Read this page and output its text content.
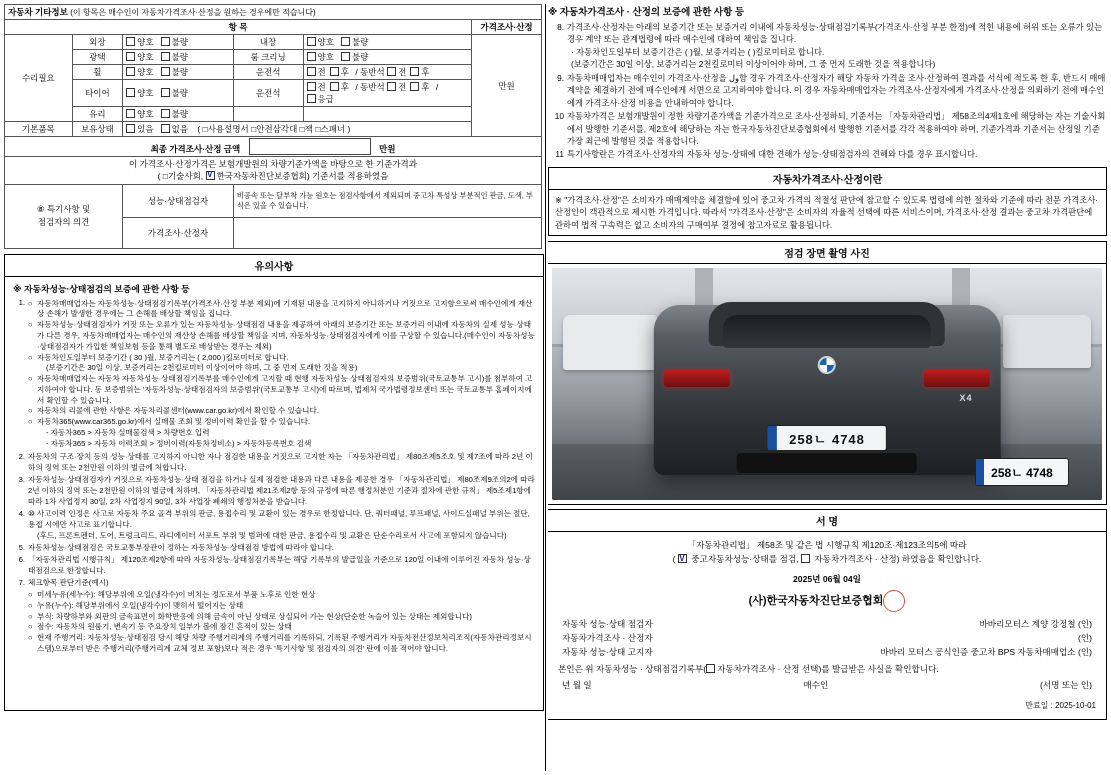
자동차 기타정보 (이 항목은 매수인이 자동차가격조사·산정을 원하는 경우에만 적습니다)					
항 목					가격조사·산정
수리필요	외장	양호 불량	내장	양호 불량	만원
	광택	양호 불량	룸 크리닝	양호 불량	
	휠	양호 불량	운전석	전 후 / 동반석 전 후	
	타이어	양호 불량	운전석	전 후 / 동반석 전 후 / 응급	
	유리	양호 불량			
기본품목	보유상태	있음 없음 ( □사용설명서 □안전삼각대 □잭 □스패너 )			
최종 가격조사·산정 금액 만원					
이 가격조사·산정가격은 보험개발원의 차량기준가액을 바탕으로 한 기준가격과
( □기술사회, V 한국자동차진단보증협회) 기준서를 적용하였음
⑧ 특기사항 및
점검자의 의견		성능·상태점검자	비공속 또는 달부착 가능 원호는 점검사항에서 제외되며 중고차 특성상 부분적인 판금, 도색, 부식은 있을 수 있습니다.		
		가격조사·산정자			
유의사항
※ 자동차성능·상태점검의 보증에 관한 사항 등
1. ○ 자동차매매업자는 자동차성능·상태점검기록부(가격조사·산정 부분 제외)에 기재된 내용을 고지하지 아니하거나 거짓으로 고지함으로써 매수인에게 재산상 손해가 발생한 경우에는 그 손해를 배상할 책임을 집니다.
○ 자동차성능·상태점검자가 거짓 또는 오류가 있는 자동차성능·상태점검 내용을 제공하여 아래의 보증기간 또는 보증거리 이내에 자동차의 실제 성능·상태가 다른 경우, 자동차매매업자는 매수인의 재산상 손해를 배상할 책임을 지며, 자동차성능·상태점검자에게 이를 구상할 수 있습니다.(매수인이 자동차성능·상태점검자가 가입한 책임보험 등을 통해 별도로 배상받는 경우는 제외)
○ 자동차인도일부터 보증기간 ( 30 )월, 보증거리는 ( 2,000 )킬로미터로 합니다.
(보증기간은 30일 이상, 보증거리는 2천킬로미터 이상이어야 하며, 그 중 먼저 도래한 것을 적용)
○ 자동차매매업자는 자동차 자동차성능·상태점검기록부를 매수인에게 고지할 때 현행 자동차성능·상태점검자의 보증범위(국토교통부 고시)를 첨부하여 고지하여야 합니다. 동 보증범위는 '자동차성능·상태점검자의 보증범위'(국토교통부 고시)에 따르며, 법제처 국가법령정보센터 또는 국토교통부 홈페이지에서 확인할 수 있습니다.
○ 자동차의 리콜에 관한 사항은 자동차리콜센터(www.car.go.kr)에서 확인할 수 있습니다.
○ 자동차365(www.car365.go.kr)에서 실매물 조회 및 정비이력 확인을 할 수 있습니다.
- 자동차365 > 자동차 실매물검색 > 차량번호 입력
- 자동차365 > 자동차 이력조회 > 정비이력(자동차정비소) > 자동차등록번호 검색
2. 자동차의 구조·장치 등의 성능·상태를 고지하지 아니한 자나 점검한 내용을 거짓으로 고지한 자는 「자동차관리법」 제80조제5조호 및 제7조에 따라 2년 이하의 징역 또는 2천만원 이하의 벌금에 처합니다.
3. 자동차성능·상태점검자가 거짓으로 자동차성능·상태 점검을 하거나 실제 점검한 내용과 다른 내용을 제공한 경우 「자동차관리법」 제80조제9조의2에 따라 2년 이하의 징역 또는 2천만원 이하의 벌금에 처하며, 「자동차관리법 제21조제2항 등의 규정에 따른 행정처분인 기준과 절차에 관한 규칙」 제5조제1항에 따라 1차 사업정지 30일, 2차 사업정지 90일, 3차 사업장 폐쇄의 행정처분을 받습니다.
4. ⑩ 사고이력 인정은 사고로 자동차 주요 골격 부위의 판금, 용접수리 및 교환이 있는 경우로 한정합니다. 단, 쿼터패널, 루프패널, 사이드실패널 부위는 절단, 용접 시에만 사고로 표기합니다.
(후드, 프론트펜더, 도어, 트렁크리드, 라디에이터 서포트 부위 및 범퍼에 대한 판금, 용접수리 및 교환은 단순수리로서 사고에 포함되지 않습니다)
5. 자동차성능·상태점검은 국토교통부장관이 정하는 자동차성능·상태점검 방법에 따라야 합니다.
6. 「자동차관리법 시행규칙」 제120조제2항에 따라 자동차성능·상태점검기록부는 해당 기록부의 발급일을 기준으로 120일 이내에 이루어진 자동차 성능·상태점검으로 한정합니다.
7. 체크항목 판단기준(예시)
○ 미세누유(세누수): 해당부위에 오일(냉각수)이 비치는 정도로서 부품 노후로 인한 현상
○ 누유(누수): 해당부위에서 오일(냉각수)이 맺히서 떨어지는 상태
○ 부식: 차량하부와 외판의 금속표면이 화학반응에 의해 금속이 아닌 상태로 상실되어 가는 현상(단순한 녹슬어 있는 상태는 제외합니다)
○ 점수: 자동차의 원룸기, 변속기 등 주요장치 일부가 볼에 잠긴 흔적이 있는 상태
○ 현재 주행거리: 자동차성능·상태점검 당시 해당 차량 주행거리계의 주행거리를 기록하되, 기록된 주행거리가 자동차전산정보처리조직(자동차관리정보시스템)으로부터 받은 주행거리(주행거리계 교체 정보 포함)보다 적은 경우 '특기사항 및 점검자의 의견' 란에 이를 적어야 합니다.
※ 자동차가격조사 · 산정의 보증에 관한 사항 등
8. 가격조사·산정자는 아래의 보증기간 또는 보증거리 이내에 자동차성능·상태점검기록부(가격조사·산정 부분 한정)에 적힌 내용에 허위 또는 오류가 있는 경우 계약 또는 관계법령에 따라 매수인에 대하여 책임을 집니다.
· 자동차인도일부터 보증기간은 ( )월, 보증거리는 ( )킬로미터로 합니다.
(보증기간은 30일 이상, 보증거리는 2천킬로미터 이상이어야 하며, 그 중 먼저 도래한 것을 적용합니다)
9. 자동차매매업자는 매수인이 가격조사·산정을 ول함 경우 가격조사·산정자가 해당 자동차 가격을 조사·산정하여 결과를 서식에 적도록 한 후, 반드시 매매계약을 체결하기 전에 매수인에게 서면으로 고지하여야 합니다. 이 경우 자동차매매업자는 가격조사·산정자에게 가격조사·산정을 의뢰하기 전에 매수인에게 가격조사·산정 비용을 안내하여야 합니다.
10 자동차가격은 보험개발원이 정한 차량기준가액을 기준가격으로 조사·산정하되, 기준서는 「자동차관리법」 제58조의4제1호에 해당하는 자는 기술사회에서 발행한 기준서를, 제2호에 해당하는 자는 한국자동차진단보증협회에서 발행한 기준서를 각각 적용하여야 하며, 기준가격과 기준서는 산정일 기준 가장 최근에 발행된 것을 적용합니다.
11 특기사항란은 가격조사·산정자의 자동차 성능·상태에 대한 견해가 성능·상태점검자의 견해와 다를 경우 표시합니다.
자동차가격조사·산정이란
※ "가격조사·산정"은 소비자가 매매계약을 체결함에 있어 중고차 가격의 적절성 판단에 참고할 수 있도록 법령에 의한 절차와 기준에 따라 전문 가격조사·산정인이 객관적으로 제시한 가격입니다. 따라서 "가격조사·산정"은 소비자의 자율적 선택에 따른 서비스이며, 가격조사·산정 결과는 중고차 가격판단에 관하여 법적 구속력은 없고 소비자의 구매여부 결정에 참고자료로 활용됩니다.
점검 장면 촬영 사진
X4
258ㄴ 4748
258ㄴ 4748
서 명
「자동차관리법」 제58조 및 같은 법 시행규칙 제120조·제123조의5에 따라
( V 중고자동차성능·상태를 점검, 자동차가격조사 · 산정) 하였음을 확인합니다.
2025년 06월 04일
(사)한국자동차진단보증협회
자동차 성능·상태 점검자	바바리모터스 계양 강정철 (인)
자동차가격조사 · 산정자	(인)
자동차 성능·상태 고지자	바바리 모터스 공식인증 중고차 BPS 자동차매매업소 (인)
본인은 위 자동차성능 · 상태점검기록부( 자동차가격조사 · 산정 선택)를 발급받은 사실을 확인합니다.
년 월 일	매수인	(서명 또는 인)
만료일 : 2025-10-01
